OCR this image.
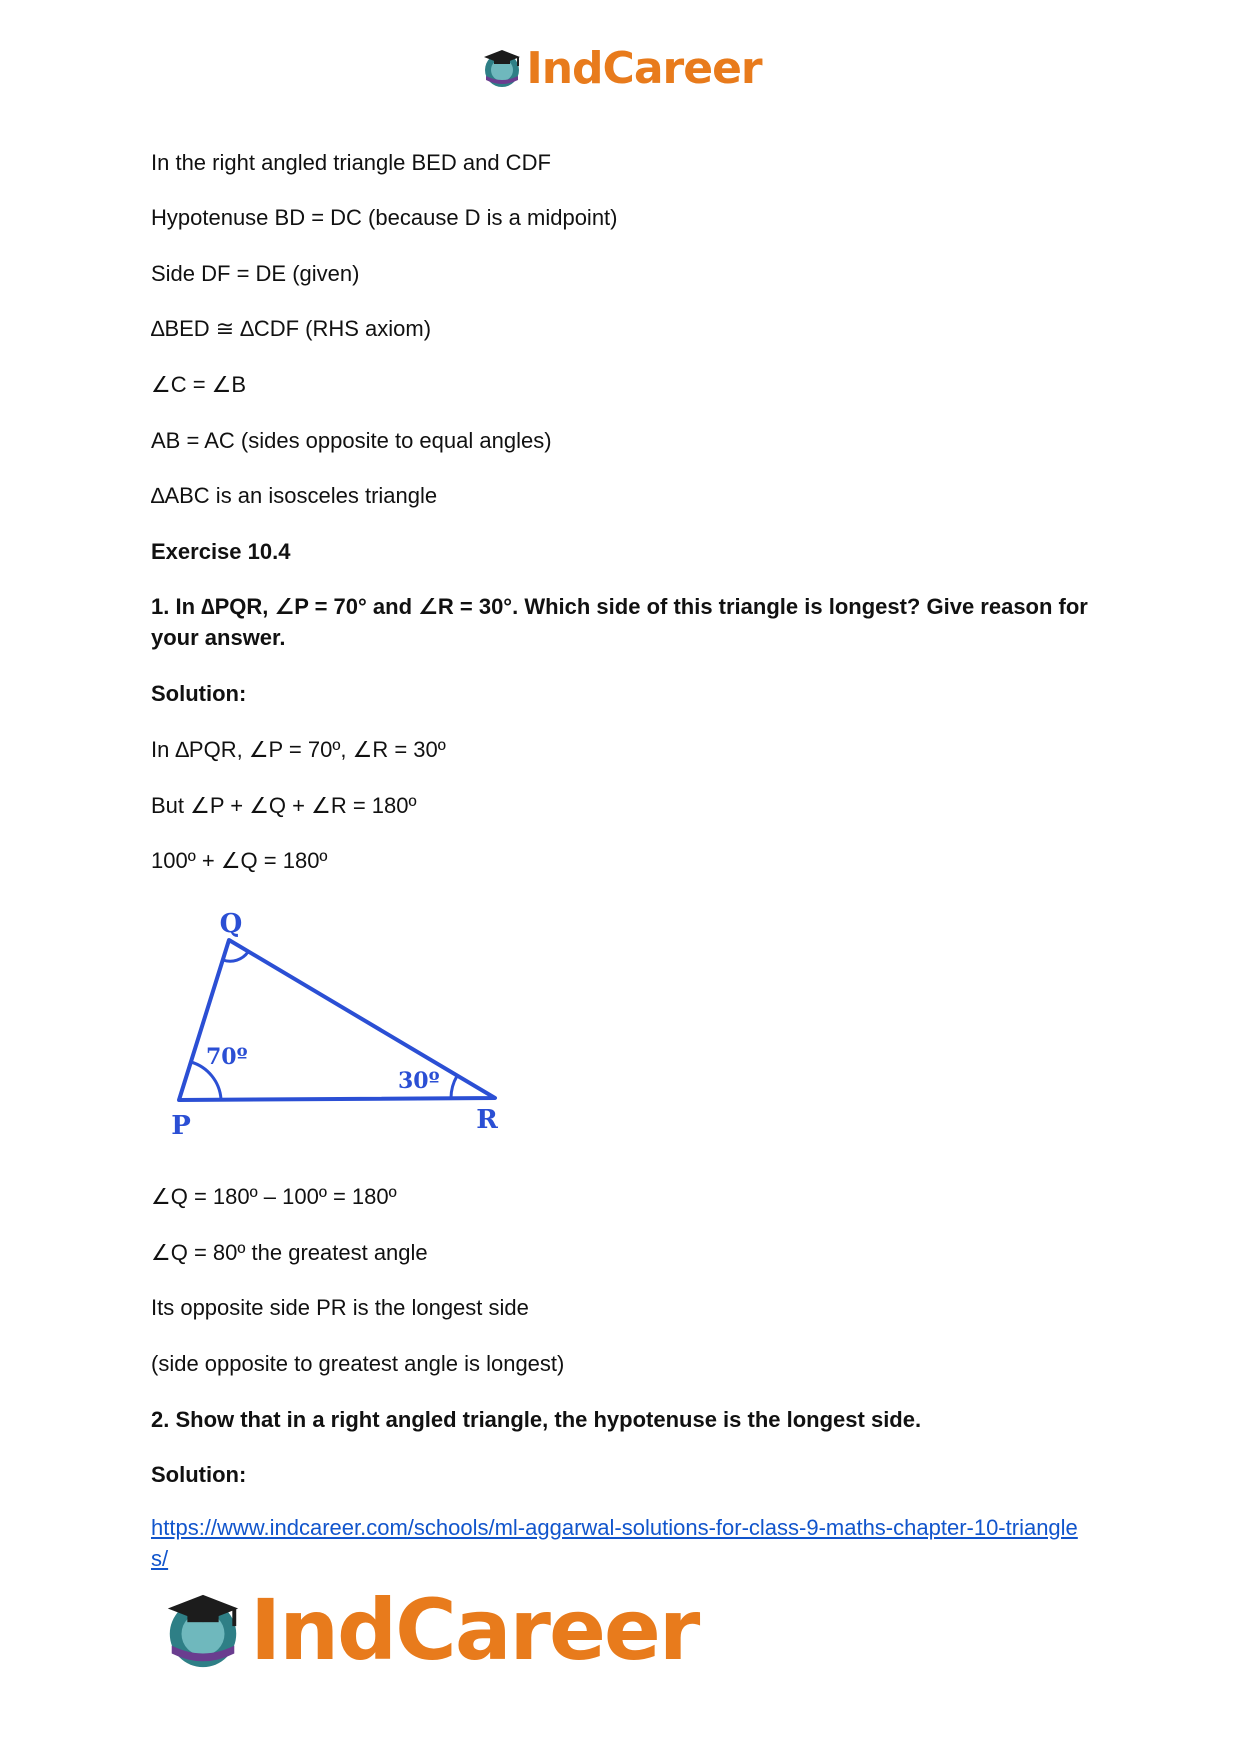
IndCareer
In the right angled triangle BED and CDF
Hypotenuse BD = DC (because D is a midpoint)
Side DF = DE (given)
∆BED ≅ ∆CDF (RHS axiom)
∠C = ∠B
AB = AC (sides opposite to equal angles)
∆ABC is an isosceles triangle
Exercise 10.4
1. In ∆PQR, ∠P = 70° and ∠R = 30°. Which side of this triangle is longest? Give reason for your answer.
Solution:
In ∆PQR, ∠P = 70º, ∠R = 30º
But ∠P + ∠Q + ∠R = 180º
100º + ∠Q = 180º
∠Q = 180º – 100º = 180º
∠Q = 80º the greatest angle
Its opposite side PR is the longest side
(side opposite to greatest angle is longest)
2. Show that in a right angled triangle, the hypotenuse is the longest side.
Solution:
https://www.indcareer.com/schools/ml-aggarwal-solutions-for-class-9-maths-chapter-10-triangles/
Q
P	R
70º
30º
IndCareer
